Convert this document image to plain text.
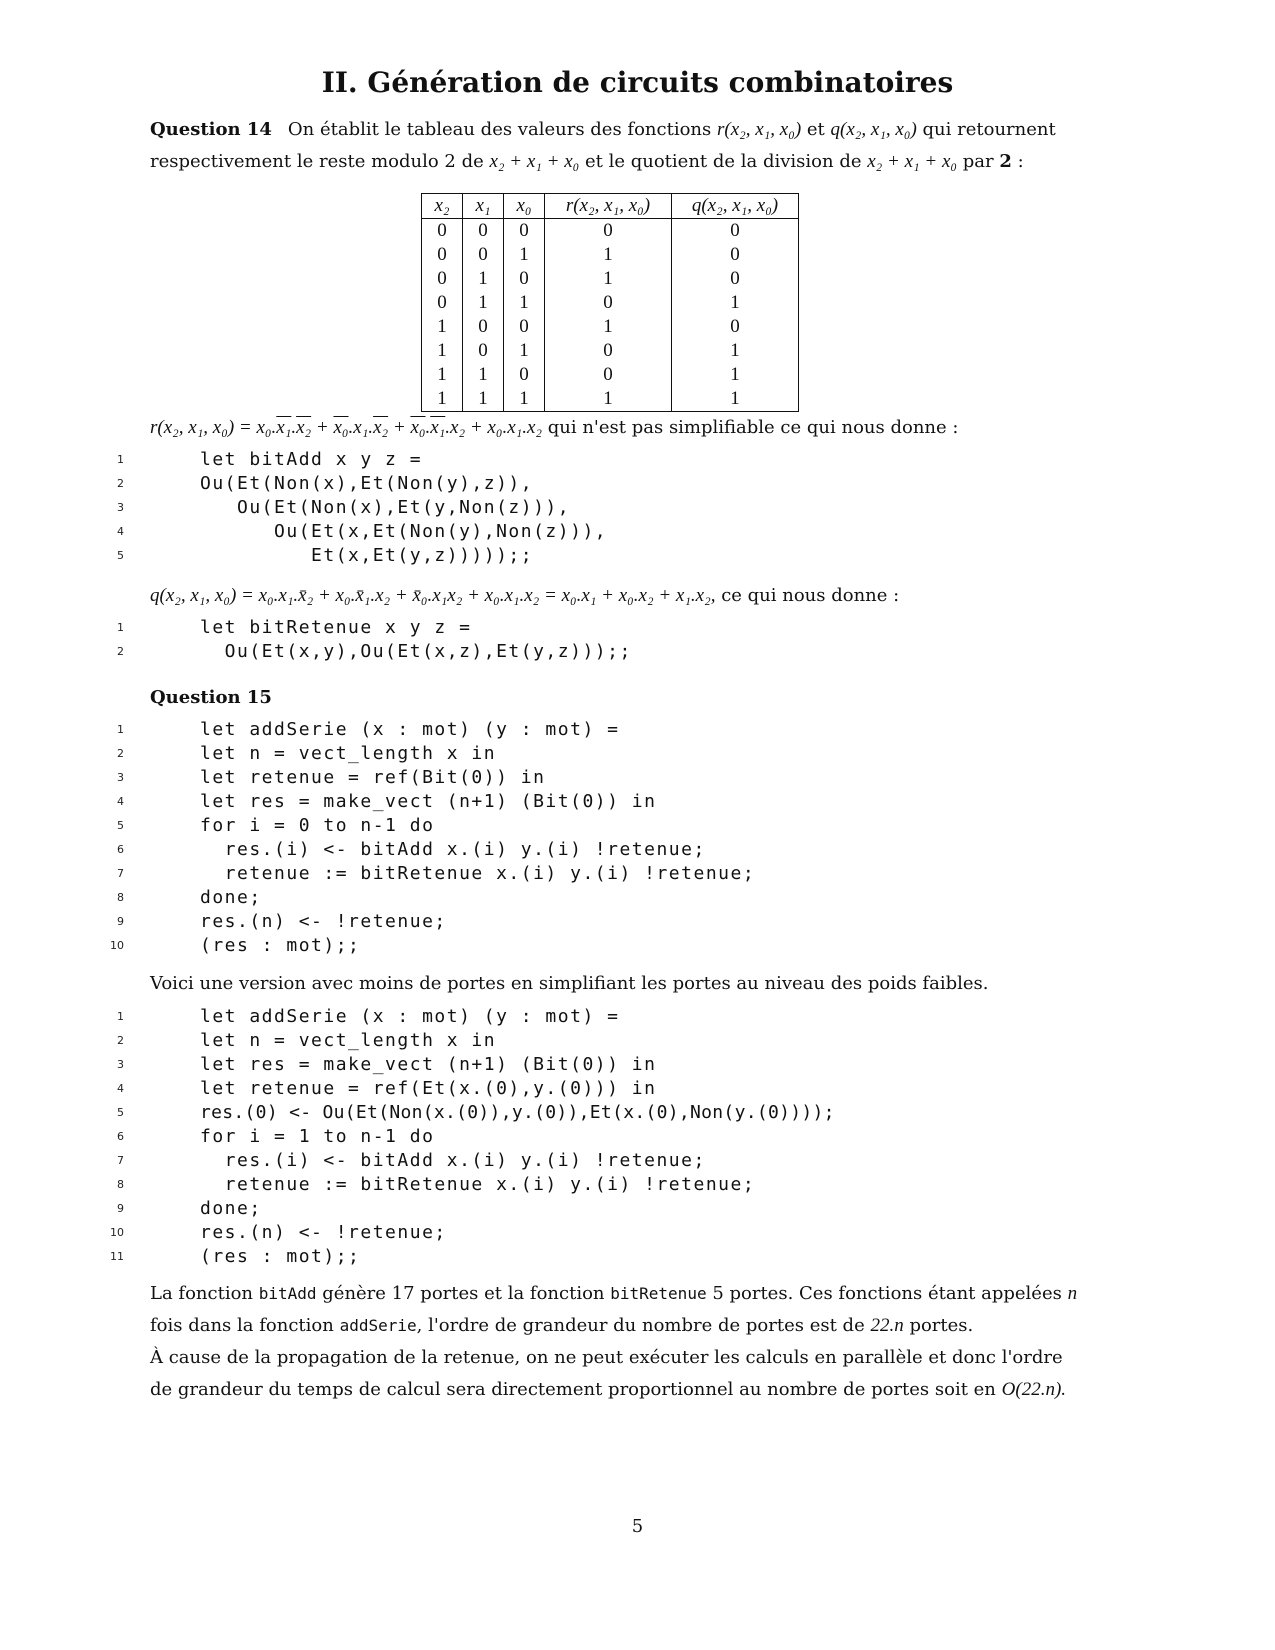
II. Génération de circuits combinatoires

Question 14 On établit le tableau des valeurs des fonctions r(x₂, x₁, x₀) et q(x₂, x₁, x₀) qui retournent respectivement le reste modulo 2 de x₂ + x₁ + x₀ et le quotient de la division de x₂ + x₁ + x₀ par 2 :

x₂	x₁	x₀	r(x₂, x₁, x₀)	q(x₂, x₁, x₀)
0	0	0	0	0
0	0	1	1	0
0	1	0	1	0
0	1	1	0	1
1	0	0	1	0
1	0	1	0	1
1	1	0	0	1
1	1	1	1	1

r(x₂, x₁, x₀) = x₀.x₁.x₂ + x₀.x₁.x₂ + x₀.x₁.x₂ + x₀.x₁.x₂ qui n'est pas simplifiable ce qui nous donne :

1	let bitAdd x y z =
2	Ou(Et(Non(x),Et(Non(y),z)),
3	Ou(Et(Non(x),Et(y,Non(z))),
4	Ou(Et(x,Et(Non(y),Non(z))),
5	Et(x,Et(y,z)))));;

q(x₂, x₁, x₀) = x₀.x₁.x̄₂ + x₀.x̄₁.x₂ + x̄₀.x₁x₂ + x₀.x₁.x₂ = x₀.x₁ + x₀.x₂ + x₁.x₂, ce qui nous donne :

1	let bitRetenue x y z =
2	Ou(Et(x,y),Ou(Et(x,z),Et(y,z)));;

Question 15

1	let addSerie (x : mot) (y : mot) =
2	let n = vect_length x in
3	let retenue = ref(Bit(0)) in
4	let res = make_vect (n+1) (Bit(0)) in
5	for i = 0 to n-1 do
6	res.(i) <- bitAdd x.(i) y.(i) !retenue;
7	retenue := bitRetenue x.(i) y.(i) !retenue;
8	done;
9	res.(n) <- !retenue;
10	(res : mot);;

Voici une version avec moins de portes en simplifiant les portes au niveau des poids faibles.

1	let addSerie (x : mot) (y : mot) =
2	let n = vect_length x in
3	let res = make_vect (n+1) (Bit(0)) in
4	let retenue = ref(Et(x.(0),y.(0))) in
5	res.(0) <- Ou(Et(Non(x.(0)),y.(0)),Et(x.(0),Non(y.(0))));
6	for i = 1 to n-1 do
7	res.(i) <- bitAdd x.(i) y.(i) !retenue;
8	retenue := bitRetenue x.(i) y.(i) !retenue;
9	done;
10	res.(n) <- !retenue;
11	(res : mot);;

La fonction bitAdd génère 17 portes et la fonction bitRetenue 5 portes. Ces fonctions étant appelées n fois dans la fonction addSerie, l'ordre de grandeur du nombre de portes est de 22.n portes.

À cause de la propagation de la retenue, on ne peut exécuter les calculs en parallèle et donc l'ordre de grandeur du temps de calcul sera directement proportionnel au nombre de portes soit en O(22.n).

5
